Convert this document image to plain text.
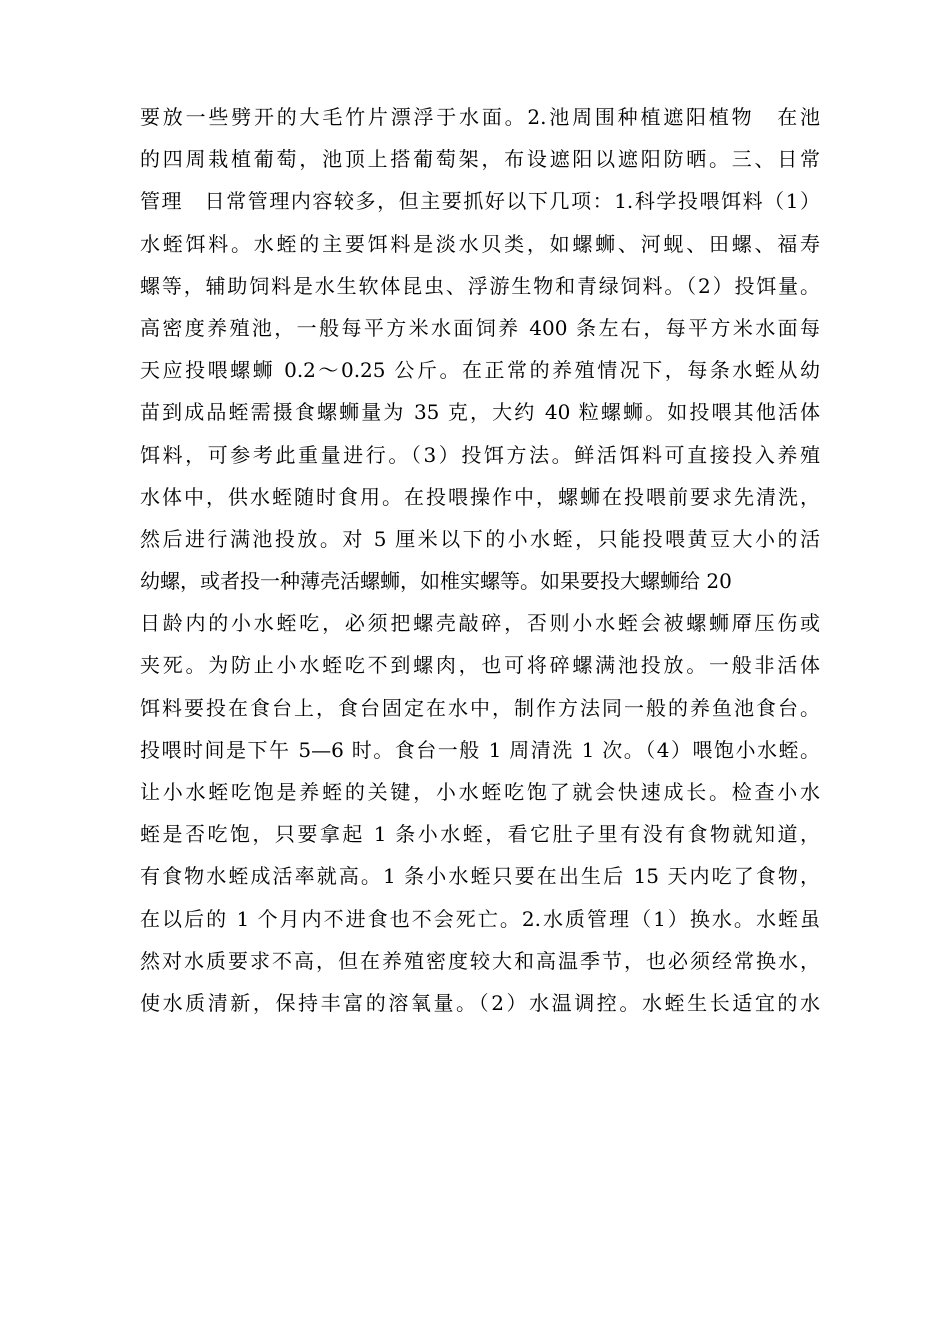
要放一些劈开的大毛竹片漂浮于水面。2.池周围种植遮阳植物　在池
的四周栽植葡萄，池顶上搭葡萄架，布设遮阳以遮阳防晒。三、日常
管理　日常管理内容较多，但主要抓好以下几项：1.科学投喂饵料（1）
水蛭饵料。水蛭的主要饵料是淡水贝类，如螺蛳、河蚬、田螺、福寿
螺等，辅助饲料是水生软体昆虫、浮游生物和青绿饲料。（2）投饵量。
高密度养殖池，一般每平方米水面饲养 400 条左右，每平方米水面每
天应投喂螺蛳 0.2～0.25 公斤。在正常的养殖情况下，每条水蛭从幼
苗到成品蛭需摄食螺蛳量为 35 克，大约 40 粒螺蛳。如投喂其他活体
饵料，可参考此重量进行。（3）投饵方法。鲜活饵料可直接投入养殖
水体中，供水蛭随时食用。在投喂操作中，螺蛳在投喂前要求先清洗，
然后进行满池投放。对 5 厘米以下的小水蛭，只能投喂黄豆大小的活
幼螺，或者投一种薄壳活螺蛳，如椎实螺等。如果要投大螺蛳给 20
日龄内的小水蛭吃，必须把螺壳敲碎，否则小水蛭会被螺蛳厣压伤或
夹死。为防止小水蛭吃不到螺肉，也可将碎螺满池投放。一般非活体
饵料要投在食台上，食台固定在水中，制作方法同一般的养鱼池食台。
投喂时间是下午 5—6 时。食台一般 1 周清洗 1 次。（4）喂饱小水蛭。
让小水蛭吃饱是养蛭的关键，小水蛭吃饱了就会快速成长。检查小水
蛭是否吃饱，只要拿起 1 条小水蛭，看它肚子里有没有食物就知道，
有食物水蛭成活率就高。1 条小水蛭只要在出生后 15 天内吃了食物，
在以后的 1 个月内不进食也不会死亡。2.水质管理（1）换水。水蛭虽
然对水质要求不高，但在养殖密度较大和高温季节，也必须经常换水，
使水质清新，保持丰富的溶氧量。（2）水温调控。水蛭生长适宜的水
